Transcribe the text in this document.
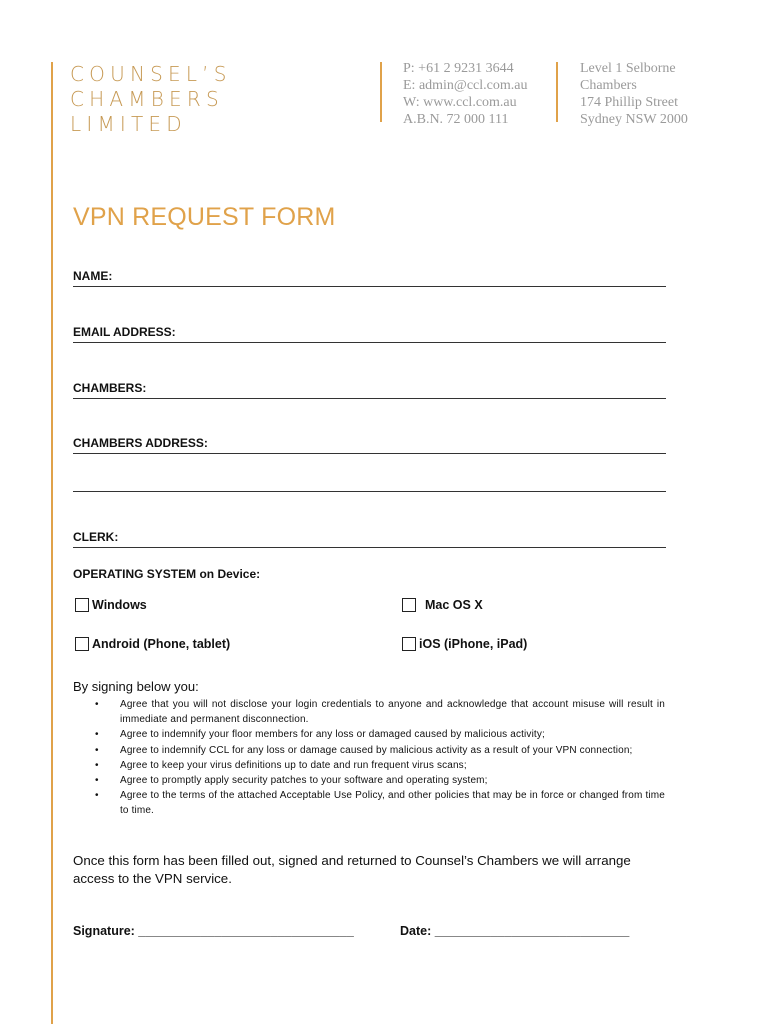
COUNSEL’S
CHAMBERS
LIMITED
P: +61 2 9231 3644
E: admin@ccl.com.au
W: www.ccl.com.au
A.B.N. 72 000 111
Level 1 Selborne
Chambers
174 Phillip Street
Sydney NSW 2000
VPN REQUEST FORM
NAME:
EMAIL ADDRESS:
CHAMBERS:
CHAMBERS ADDRESS:
CLERK:
OPERATING SYSTEM on Device:
Windows	Mac OS X
Android (Phone, tablet)	iOS (iPhone, iPad)
By signing below you:
• Agree that you will not disclose your login credentials to anyone and acknowledge that account misuse will result in immediate and permanent disconnection.
• Agree to indemnify your floor members for any loss or damaged caused by malicious activity;
• Agree to indemnify CCL for any loss or damage caused by malicious activity as a result of your VPN connection;
• Agree to keep your virus definitions up to date and run frequent virus scans;
• Agree to promptly apply security patches to your software and operating system;
• Agree to the terms of the attached Acceptable Use Policy, and other policies that may be in force or changed from time to time.
Once this form has been filled out, signed and returned to Counsel’s Chambers we will arrange access to the VPN service.
Signature: _______________________________	Date: ____________________________
